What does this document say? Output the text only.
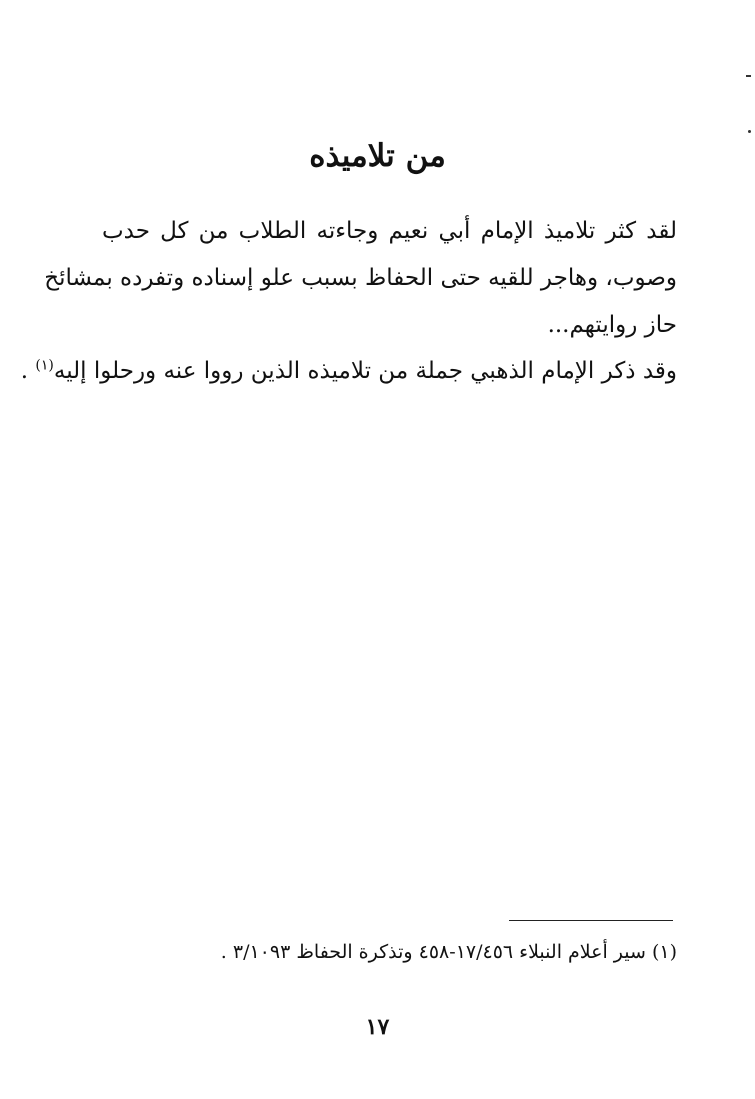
من تلاميذه

لقد كثر تلاميذ الإمام أبي نعيم وجاءته الطلاب من كل حدب
وصوب، وهاجر للقيه حتى الحفاظ بسبب علو إسناده وتفرده بمشائخ
حاز روايتهم...

وقد ذكر الإمام الذهبي جملة من تلاميذه الذين رووا عنه ورحلوا إليه$^{(١)}$ .

(١) سير أعلام النبلاء ١٧/٤٥٦-٤٥٨ وتذكرة الحفاظ ٣/١٠٩٣ .
١٧
